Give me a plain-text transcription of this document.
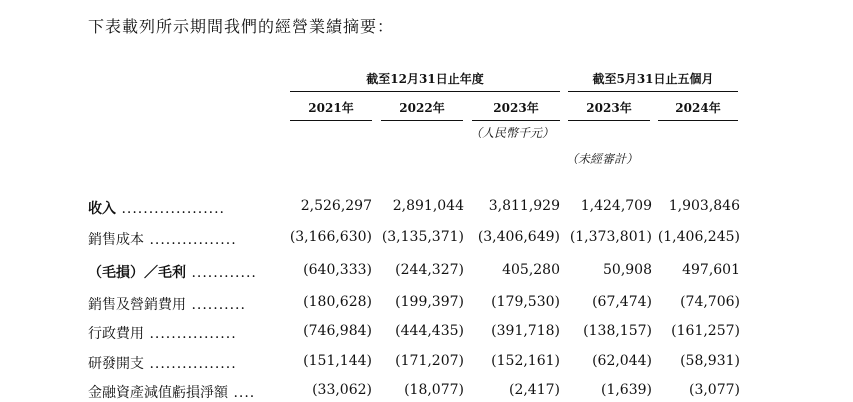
下表載列所示期間我們的經營業績摘要：
截至12月31日止年度	截至5月31日止五個月
2021年	2022年	2023年	2023年	2024年
（人民幣千元）
（未經審計）
收入 ...................	2,526,297 2,891,044 3,811,929 1,424,709 1,903,846
銷售成本 ................	(3,166,630) (3,135,371) (3,406,649) (1,373,801) (1,406,245)
（毛損）／毛利 ............	(640,333) (244,327)	405,280	50,908 497,601
銷售及營銷費用 ..........	(180,628) (199,397) (179,530) (67,474) (74,706)
行政費用 ................	(746,984) (444,435) (391,718) (138,157) (161,257)
研發開支 ................	(151,144) (171,207) (152,161) (62,044) (58,931)
金融資產減值虧損淨額 ....	(33,062) (18,077)	(2,417)	(1,639)	(3,077)
